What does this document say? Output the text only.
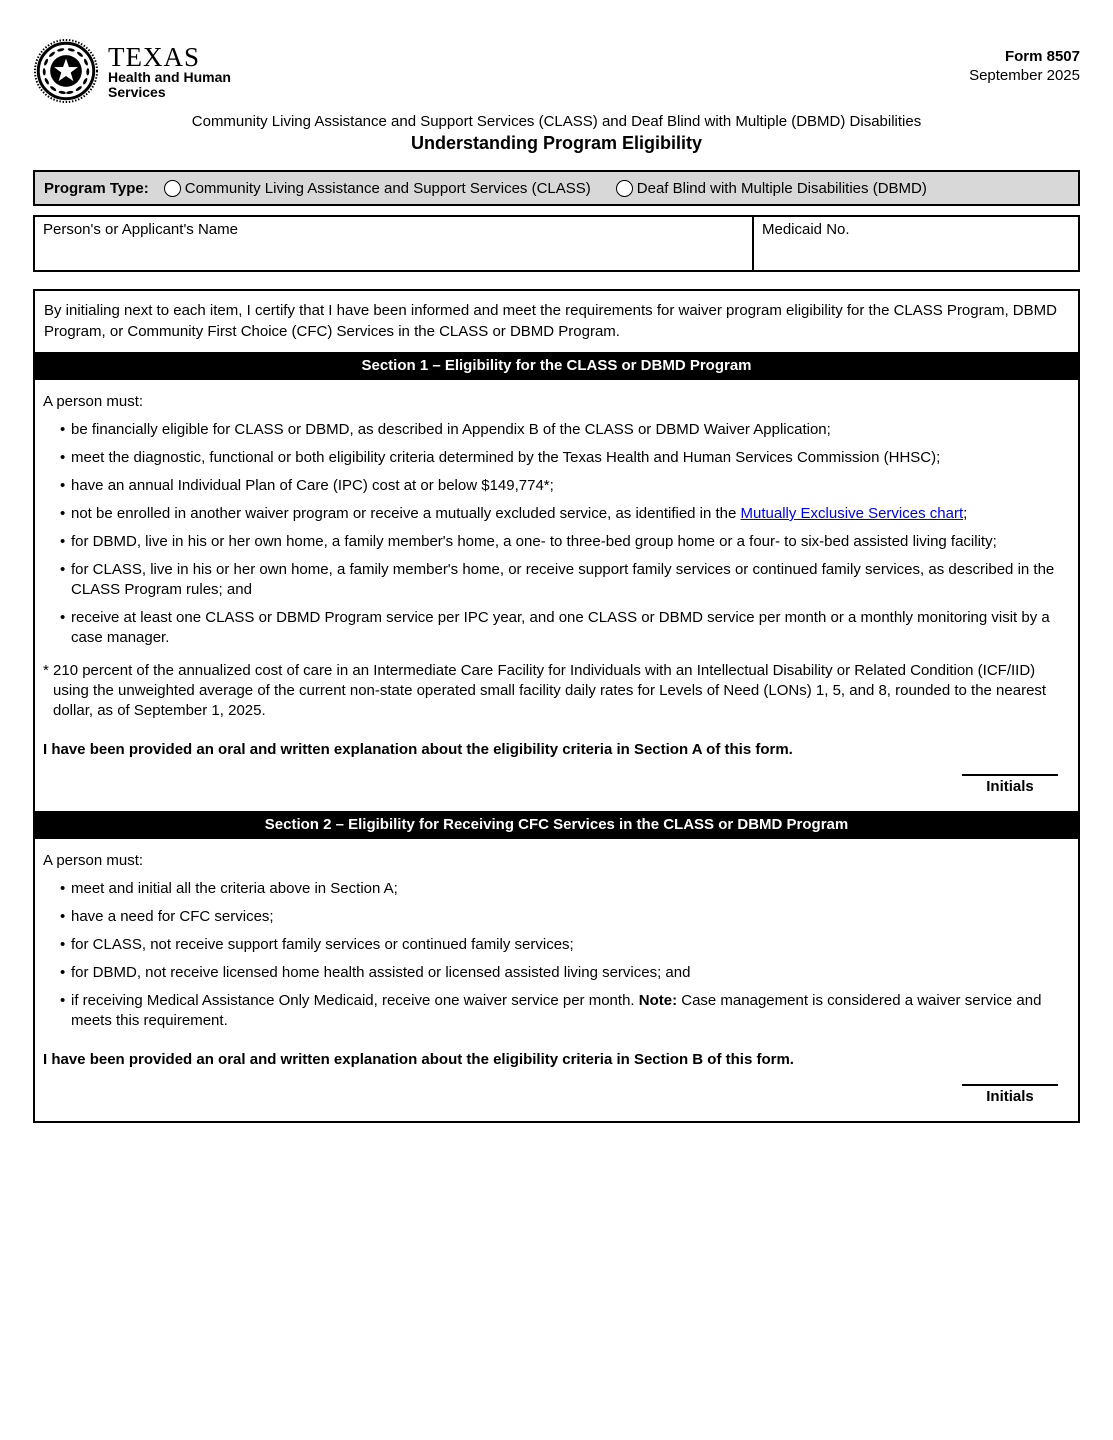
TEXAS
Health and Human
Services
Form 8507
September 2025
Community Living Assistance and Support Services (CLASS) and Deaf Blind with Multiple (DBMD) Disabilities
Understanding Program Eligibility
Program Type: Community Living Assistance and Support Services (CLASS)	Deaf Blind with Multiple Disabilities (DBMD)
Person's or Applicant's Name	Medicaid No.
By initialing next to each item, I certify that I have been informed and meet the requirements for waiver program eligibility for the CLASS Program, DBMD Program, or Community First Choice (CFC) Services in the CLASS or DBMD Program.
Section 1 – Eligibility for the CLASS or DBMD Program
A person must:
• be financially eligible for CLASS or DBMD, as described in Appendix B of the CLASS or DBMD Waiver Application;
• meet the diagnostic, functional or both eligibility criteria determined by the Texas Health and Human Services Commission (HHSC);
• have an annual Individual Plan of Care (IPC) cost at or below $149,774*;
• not be enrolled in another waiver program or receive a mutually excluded service, as identified in the Mutually Exclusive Services chart;
• for DBMD, live in his or her own home, a family member's home, a one- to three-bed group home or a four- to six-bed assisted living facility;
• for CLASS, live in his or her own home, a family member's home, or receive support family services or continued family services, as described in the CLASS Program rules; and
• receive at least one CLASS or DBMD Program service per IPC year, and one CLASS or DBMD service per month or a monthly monitoring visit by a case manager.
* 210 percent of the annualized cost of care in an Intermediate Care Facility for Individuals with an Intellectual Disability or Related Condition (ICF/IID) using the unweighted average of the current non-state operated small facility daily rates for Levels of Need (LONs) 1, 5, and 8, rounded to the nearest dollar, as of September 1, 2025.
I have been provided an oral and written explanation about the eligibility criteria in Section A of this form.
Initials
Section 2 – Eligibility for Receiving CFC Services in the CLASS or DBMD Program
A person must:
• meet and initial all the criteria above in Section A;
• have a need for CFC services;
• for CLASS, not receive support family services or continued family services;
• for DBMD, not receive licensed home health assisted or licensed assisted living services; and
• if receiving Medical Assistance Only Medicaid, receive one waiver service per month. Note: Case management is considered a waiver service and meets this requirement.
I have been provided an oral and written explanation about the eligibility criteria in Section B of this form.
Initials
